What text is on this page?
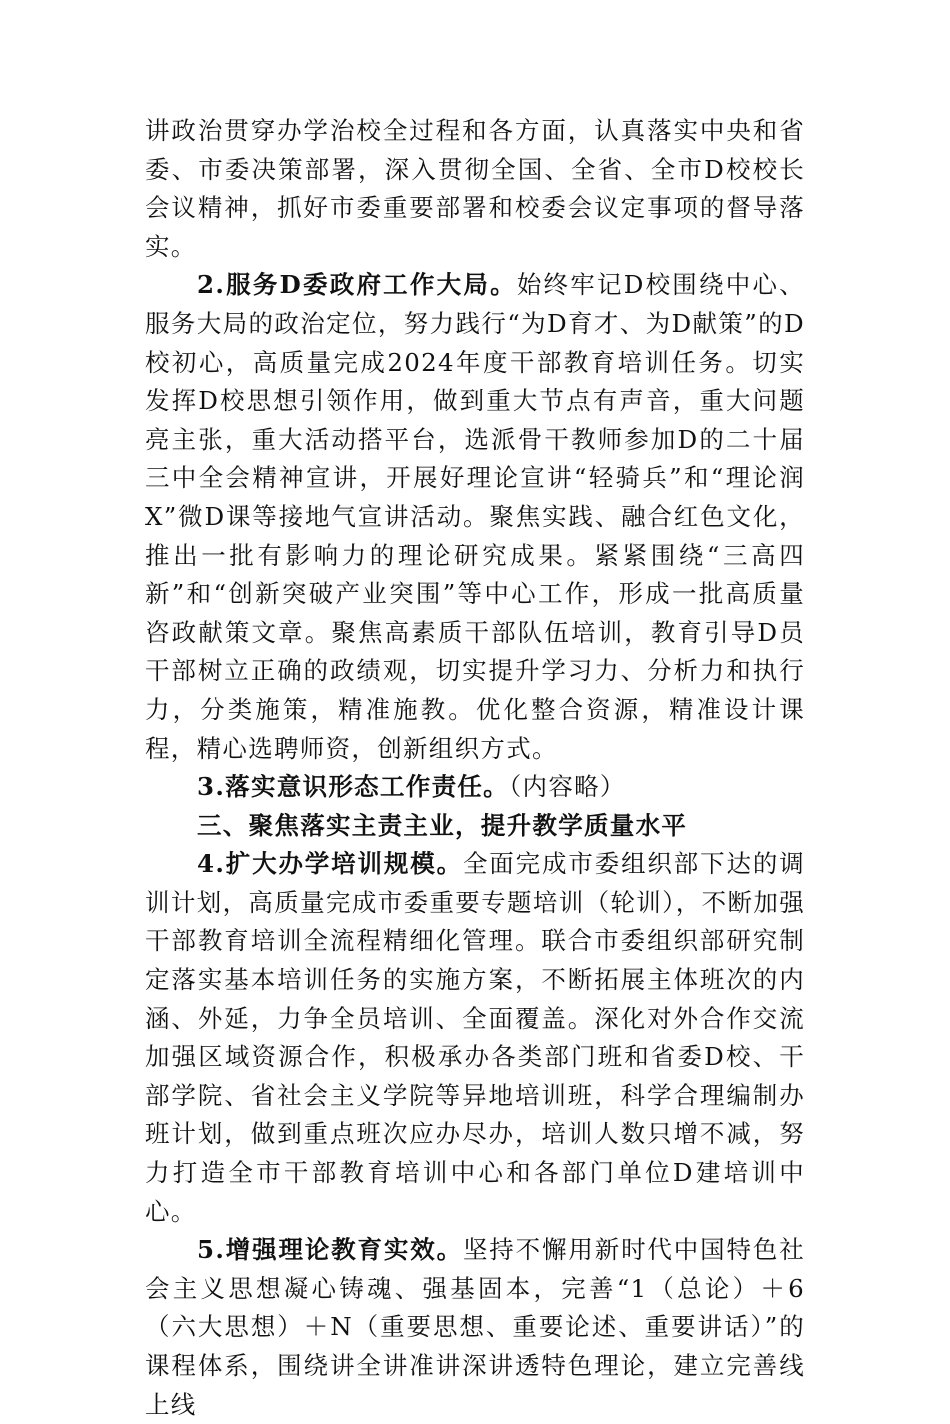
讲政治贯穿办学治校全过程和各方面，认真落实中央和省委、市委决策部署，深入贯彻全国、全省、全市D校校长会议精神，抓好市委重要部署和校委会议定事项的督导落实。

2.服务D委政府工作大局。始终牢记D校围绕中心、服务大局的政治定位，努力践行“为D育才、为D献策”的D校初心，高质量完成2024年度干部教育培训任务。切实发挥D校思想引领作用，做到重大节点有声音，重大问题亮主张，重大活动搭平台，选派骨干教师参加D的二十届三中全会精神宣讲，开展好理论宣讲“轻骑兵”和“理论润X”微D课等接地气宣讲活动。聚焦实践、融合红色文化，推出一批有影响力的理论研究成果。紧紧围绕“三高四新”和“创新突破产业突围”等中心工作，形成一批高质量咨政献策文章。聚焦高素质干部队伍培训，教育引导D员干部树立正确的政绩观，切实提升学习力、分析力和执行力，分类施策，精准施教。优化整合资源，精准设计课程，精心选聘师资，创新组织方式。

3.落实意识形态工作责任。（内容略）

三、聚焦落实主责主业，提升教学质量水平

4.扩大办学培训规模。全面完成市委组织部下达的调训计划，高质量完成市委重要专题培训（轮训），不断加强干部教育培训全流程精细化管理。联合市委组织部研究制定落实基本培训任务的实施方案，不断拓展主体班次的内涵、外延，力争全员培训、全面覆盖。深化对外合作交流加强区域资源合作，积极承办各类部门班和省委D校、干部学院、省社会主义学院等异地培训班，科学合理编制办班计划，做到重点班次应办尽办，培训人数只增不减，努力打造全市干部教育培训中心和各部门单位D建培训中心。

5.增强理论教育实效。坚持不懈用新时代中国特色社会主义思想凝心铸魂、强基固本，完善“1（总论）＋6（六大思想）＋N（重要思想、重要论述、重要讲话）”的课程体系，围绕讲全讲准讲深讲透特色理论，建立完善线上线
